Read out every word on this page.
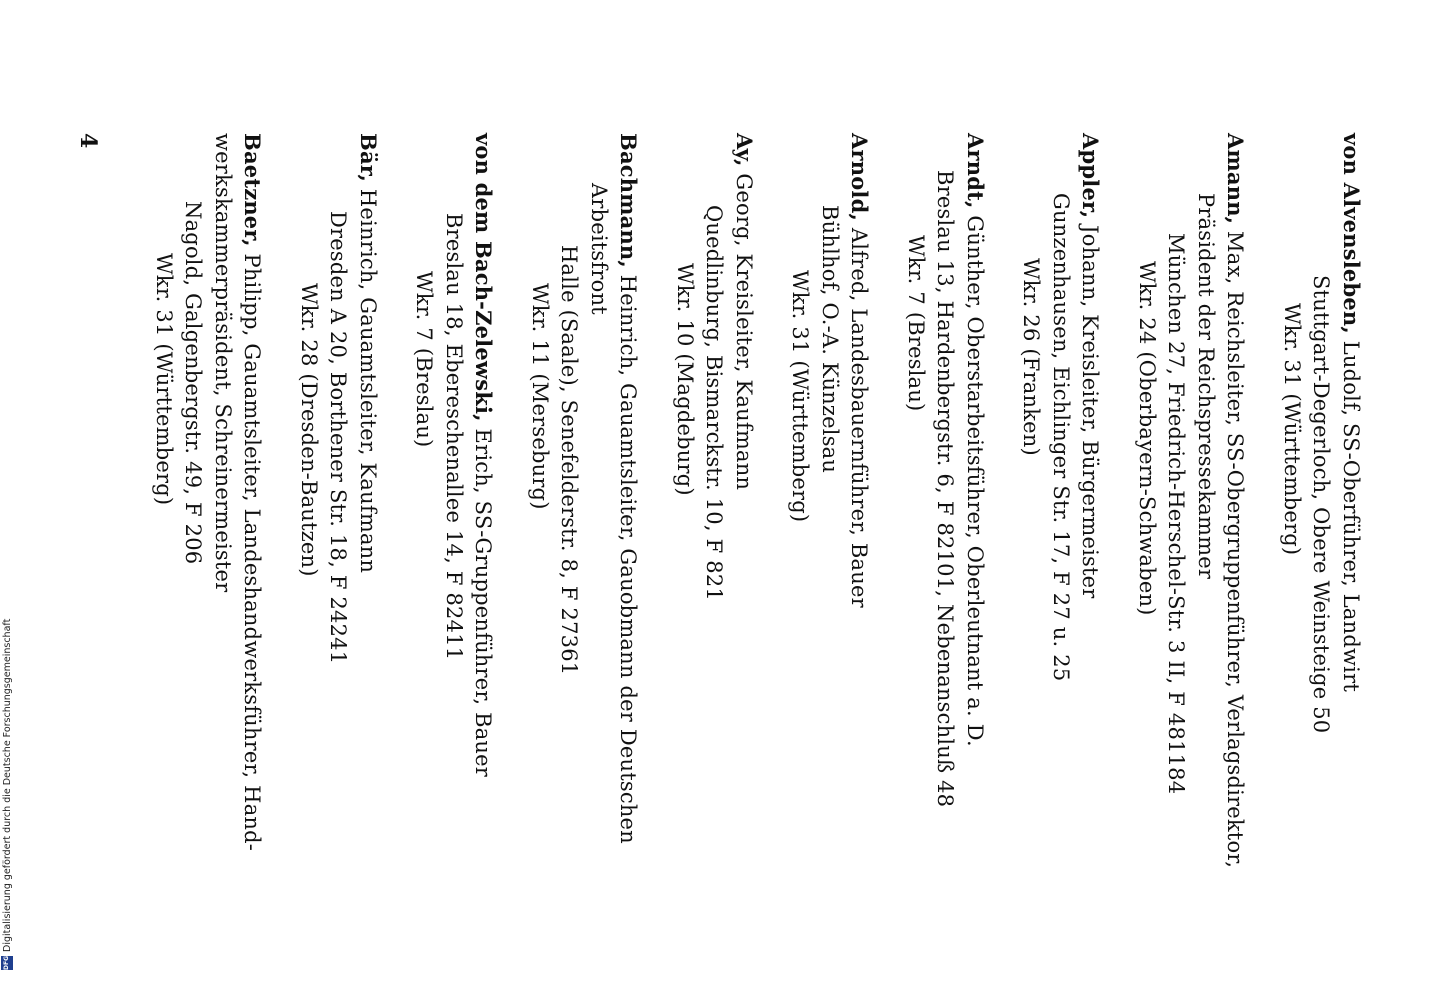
von Alvensleben, Ludolf, SS-Oberführer, Landwirt
Stuttgart-Degerloch, Obere Weinsteige 50
Wkr. 31 (Württemberg)
Amann, Max, Reichsleiter, SS-Obergruppenführer, Verlagsdirektor,
Präsident der Reichspressekammer
München 27, Friedrich-Herschel-Str. 3 II, F 481184
Wkr. 24 (Oberbayern-Schwaben)
Appler, Johann, Kreisleiter, Bürgermeister
Gunzenhausen, Eichlinger Str. 17, F 27 u. 25
Wkr. 26 (Franken)
Arndt, Günther, Oberstarbeitsführer, Oberleutnant a. D.
Breslau 13, Hardenbergstr. 6, F 82101, Nebenanschluß 48
Wkr. 7 (Breslau)
Arnold, Alfred, Landesbauernführer, Bauer
Bühlhof, O.-A. Künzelsau
Wkr. 31 (Württemberg)
Ay, Georg, Kreisleiter, Kaufmann
Quedlinburg, Bismarckstr. 10, F 821
Wkr. 10 (Magdeburg)
Bachmann, Heinrich, Gauamtsleiter, Gauobmann der Deutschen
Arbeitsfront
Halle (Saale), Senefelderstr. 8, F 27361
Wkr. 11 (Merseburg)
von dem Bach-Zelewski, Erich, SS-Gruppenführer, Bauer
Breslau 18, Ebereschenallee 14, F 82411
Wkr. 7 (Breslau)
Bär, Heinrich, Gauamtsleiter, Kaufmann
Dresden A 20, Borthener Str. 18, F 24241
Wkr. 28 (Dresden-Bautzen)
Baetzner, Philipp, Gauamtsleiter, Landeshandwerksführer, Hand-
werkskammerpräsident, Schreinermeister
Nagold, Galgenbergstr. 49, F 206
Wkr. 31 (Württemberg)
4
DFG
Digitalisierung gefördert durch die Deutsche Forschungsgemeinschaft
